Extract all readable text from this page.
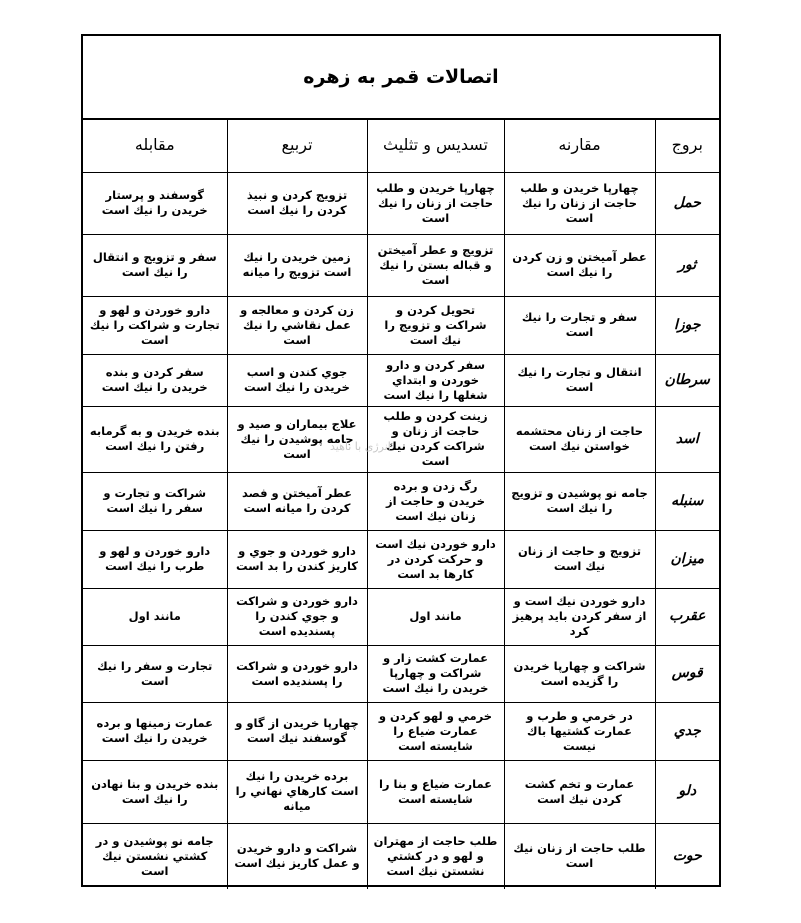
اتصالات قمر به زهره
بروج	مقارنه	تسدیس و تثلیث	تربیع	مقابله
حمل	چهارپا خریدن و طلب حاجت از زنان را نیك است	چهارپا خریدن و طلب حاجت از زنان را نیك است	تزویج كردن و نبیذ كردن را نیك است	گوسفند و پرستار خریدن را نیك است
ثور	عطر آمیختن و زن كردن را نیك است	تزویج و عطر آمیختن و قباله بستن را نیك است	زمین خریدن را نیك است تزویج را میانه	سفر و تزویج و انتقال را نیك است
جوزا	سفر و تجارت را نیك است	تحویل كردن و شراكت و تزویج را نیك است	زن كردن و معالجه و عمل نقاشي را نیك است	دارو خوردن و لهو و تجارت و شراكت را نیك است
سرطان	انتقال و تجارت را نیك است	سفر كردن و دارو خوردن و ابتداي شغلها را نیك است	جوي كندن و اسب خریدن را نیك است	سفر كردن و بنده خریدن را نیك است
اسد	حاجت از زنان محتشمه خواستن نیك است	زینت كردن و طلب حاجت از زنان و شراكت كردن نیك است	علاج بیماران و صید و جامه پوشیدن را نیك است	بنده خریدن و به گرمابه رفتن را نیك است
سنبله	جامه نو پوشیدن و تزویج را نیك است	رگ زدن و برده خریدن و حاجت از زنان نیك است	عطر آمیختن و فصد كردن را میانه است	شراكت و تجارت و سفر را نیك است
میزان	تزویج و حاجت از زنان نیك است	دارو خوردن نیك است و حركت كردن در كارها بد است	دارو خوردن و جوي و كاریز كندن را بد است	دارو خوردن و لهو و طرب را نیك است
عقرب	دارو خوردن نیك است و از سفر كردن باید پرهیز كرد	مانند اول	دارو خوردن و شراكت و جوي كندن را پسندیده است	مانند اول
قوس	شراكت و چهارپا خریدن را گزیده است	عمارت كشت زار و شراكت و چهارپا خریدن را نیك است	دارو خوردن و شراكت را پسندیده است	تجارت و سفر را نیك است
جدي	در خرمي و طرب و عمارت كشتیها باك نیست	خرمي و لهو كردن و عمارت ضیاع را شایسته است	چهارپا خریدن از گاو و گوسفند نیك است	عمارت زمینها و برده خریدن را نیك است
دلو	عمارت و تخم كشت كردن نیك است	عمارت ضیاع و بنا را شایسته است	برده خریدن را نیك است كارهاي نهاني را میانه	بنده خریدن و بنا نهادن را نیك است
حوت	طلب حاجت از زنان نیك است	طلب حاجت از مهتران و لهو و در كشتي نشستن نیك است	شراكت و دارو خریدن و عمل كاریز نیك است	جامه نو پوشیدن و در كشتي نشستن نیك است
انرژی با ناهید
